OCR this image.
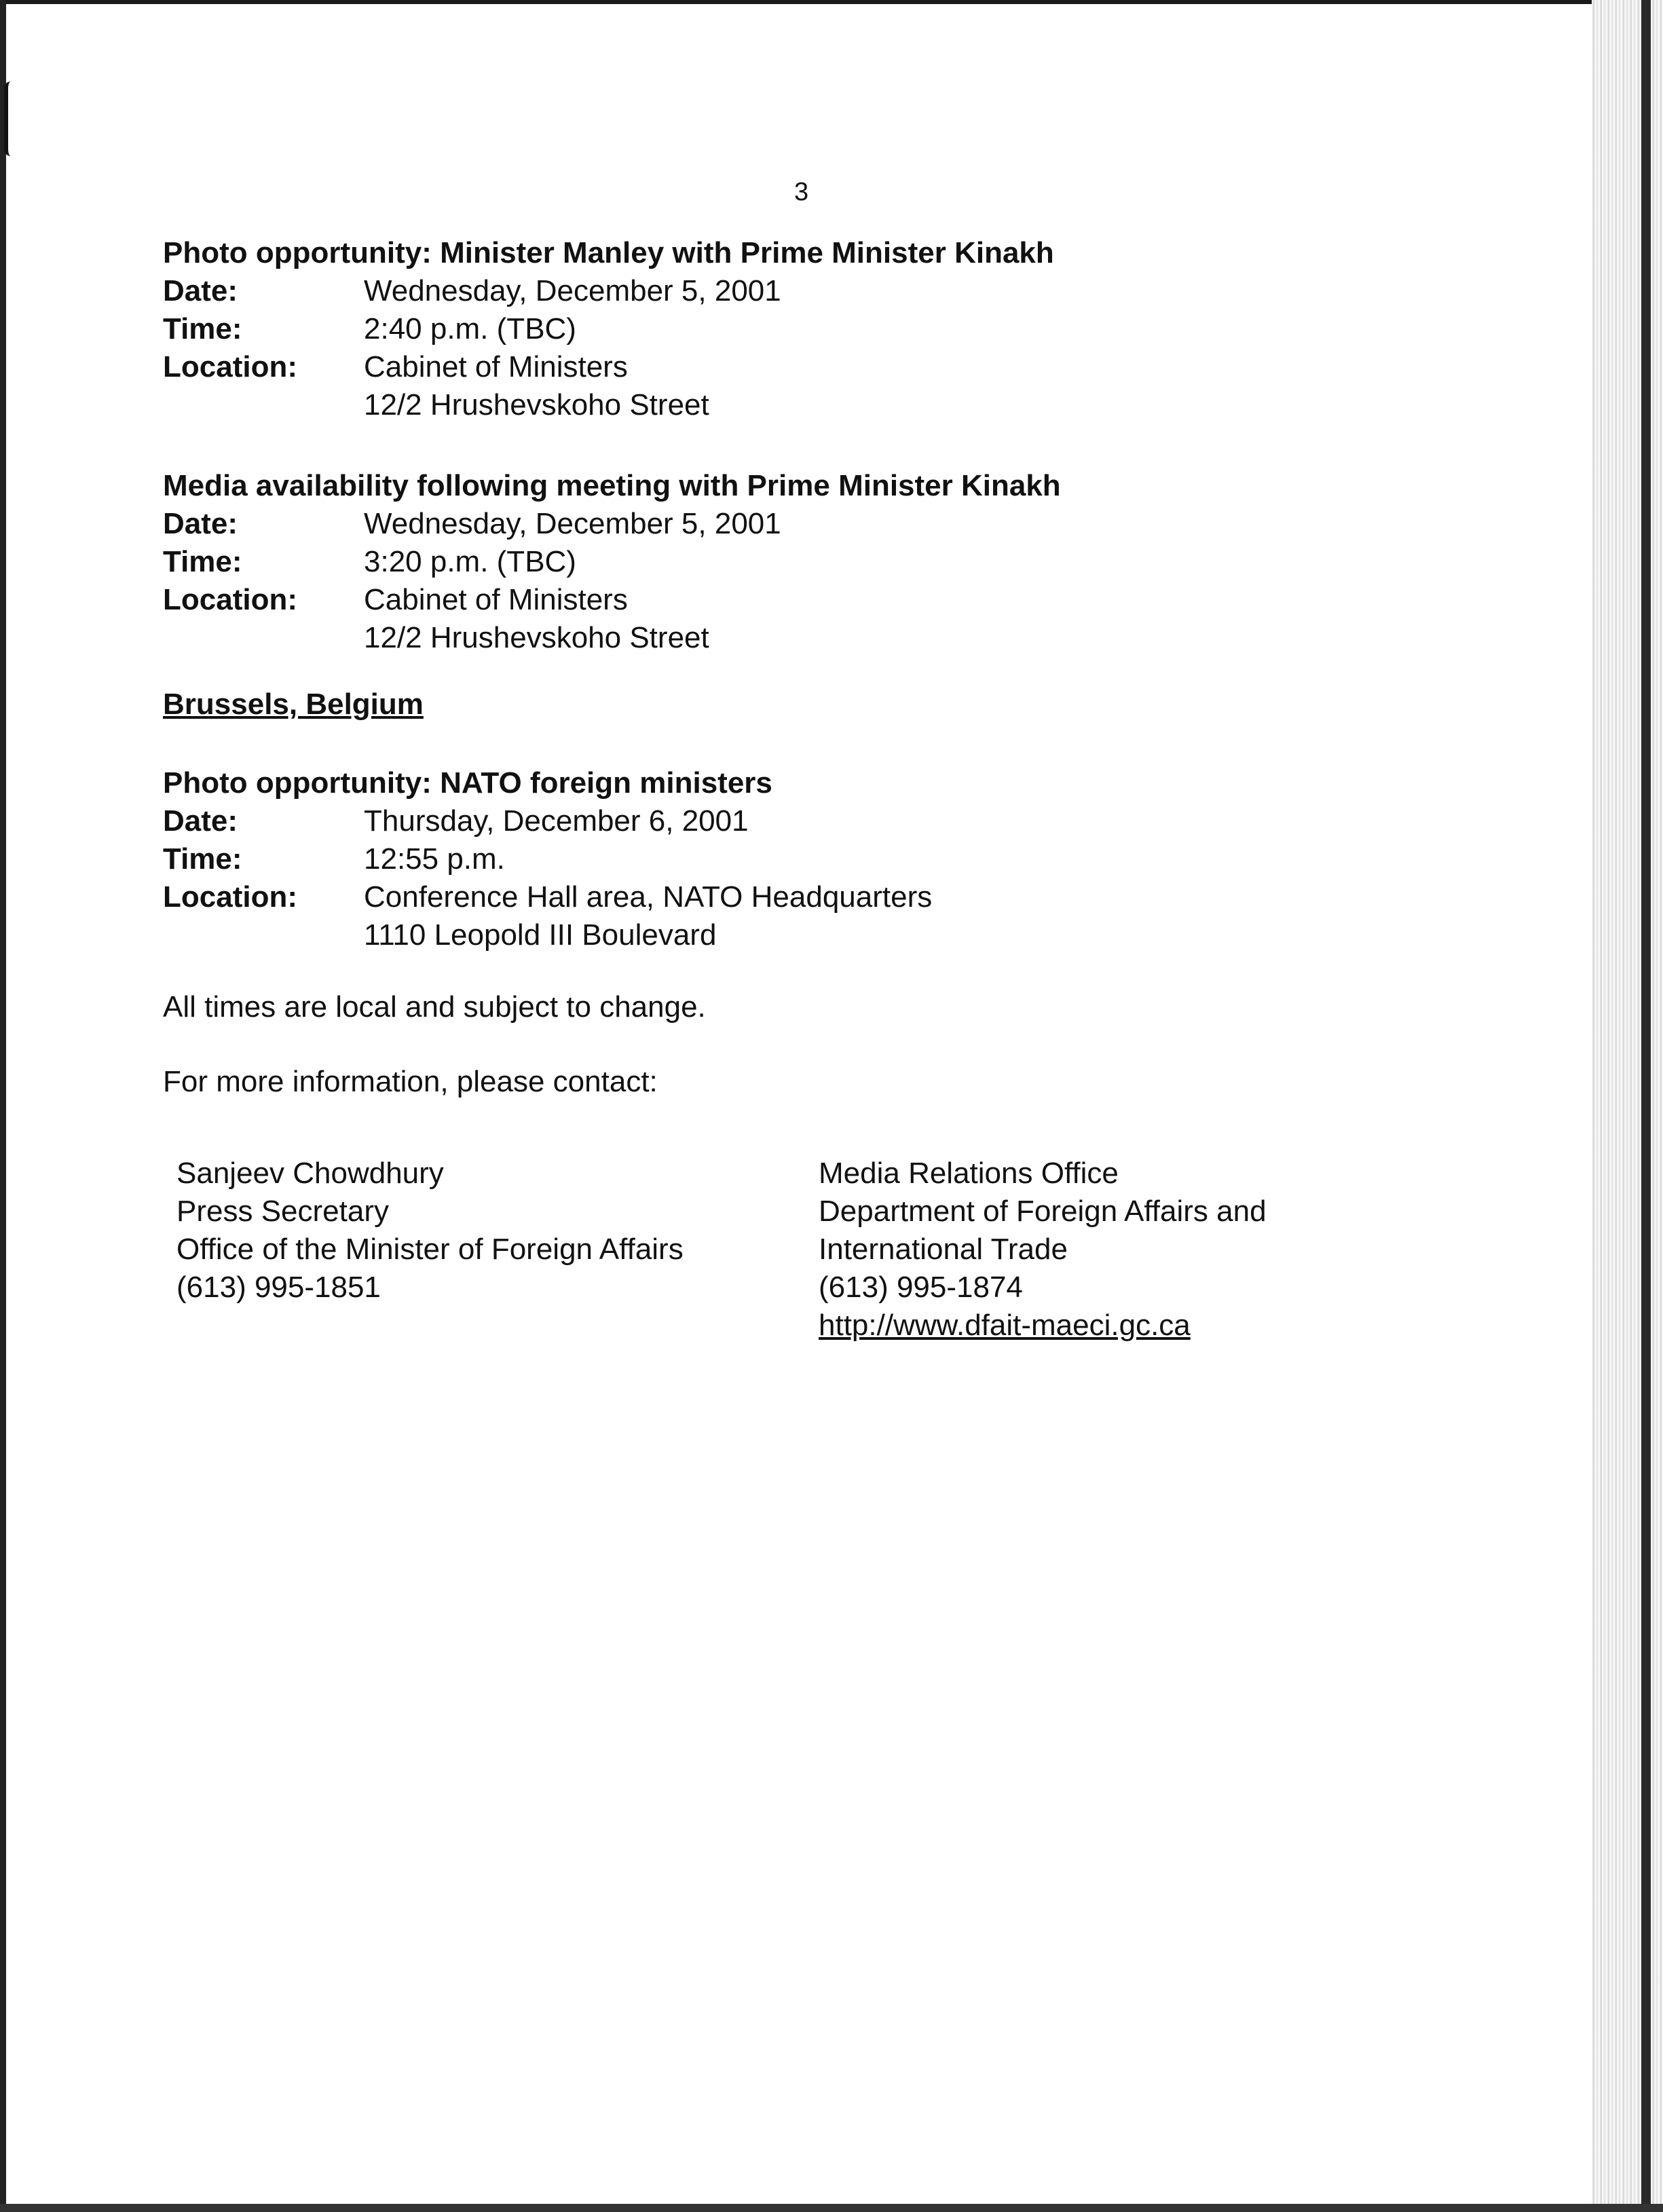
3
Photo opportunity: Minister Manley with Prime Minister Kinakh
Date:	Wednesday, December 5, 2001
Time:	2:40 p.m. (TBC)
Location:	Cabinet of Ministers
12/2 Hrushevskoho Street
Media availability following meeting with Prime Minister Kinakh
Date:	Wednesday, December 5, 2001
Time:	3:20 p.m. (TBC)
Location:	Cabinet of Ministers
12/2 Hrushevskoho Street
Brussels, Belgium
Photo opportunity: NATO foreign ministers
Date:	Thursday, December 6, 2001
Time:	12:55 p.m.
Location:	Conference Hall area, NATO Headquarters
1110 Leopold III Boulevard
All times are local and subject to change.
For more information, please contact:
Sanjeev Chowdhury
Press Secretary
Office of the Minister of Foreign Affairs
(613) 995-1851
Media Relations Office
Department of Foreign Affairs and
International Trade
(613) 995-1874
http://www.dfait-maeci.gc.ca
